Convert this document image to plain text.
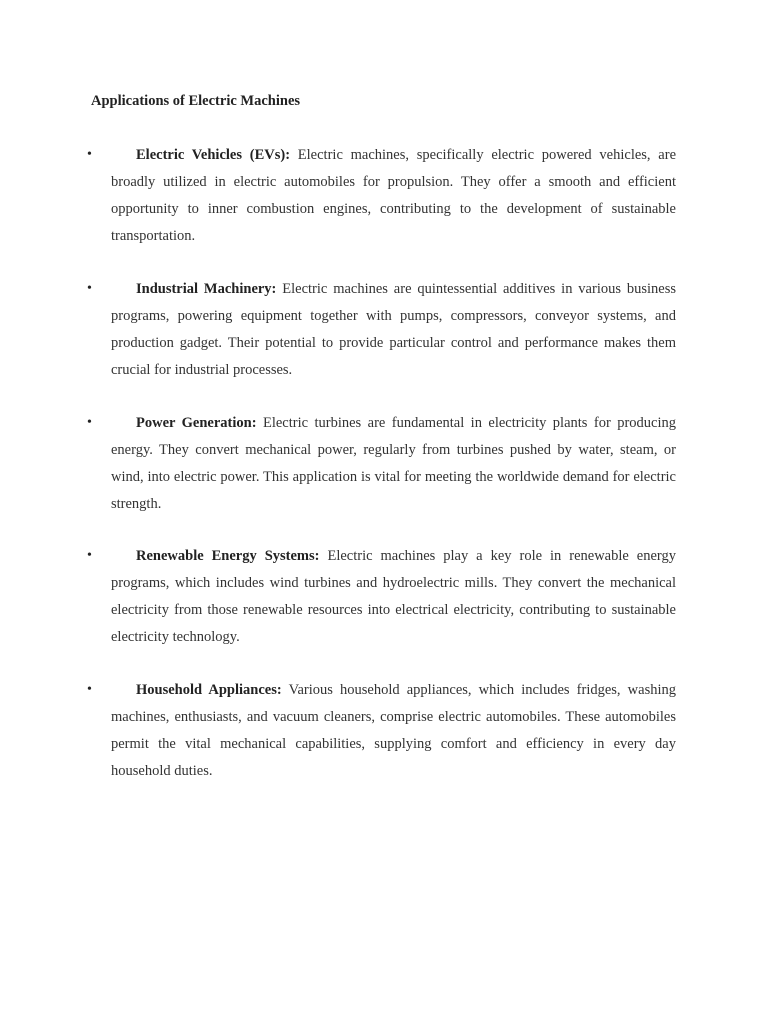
Applications of Electric Machines
•	Electric Vehicles (EVs): Electric machines, specifically electric powered vehicles, are broadly utilized in electric automobiles for propulsion. They offer a smooth and efficient opportunity to inner combustion engines, contributing to the development of sustainable transportation.
•	Industrial Machinery: Electric machines are quintessential additives in various business programs, powering equipment together with pumps, compressors, conveyor systems, and production gadget. Their potential to provide particular control and performance makes them crucial for industrial processes.
•	Power Generation: Electric turbines are fundamental in electricity plants for producing energy. They convert mechanical power, regularly from turbines pushed by water, steam, or wind, into electric power. This application is vital for meeting the worldwide demand for electric strength.
•	Renewable Energy Systems: Electric machines play a key role in renewable energy programs, which includes wind turbines and hydroelectric mills. They convert the mechanical electricity from those renewable resources into electrical electricity, contributing to sustainable electricity technology.
•	Household Appliances: Various household appliances, which includes fridges, washing machines, enthusiasts, and vacuum cleaners, comprise electric automobiles. These automobiles permit the vital mechanical capabilities, supplying comfort and efficiency in every day household duties.
